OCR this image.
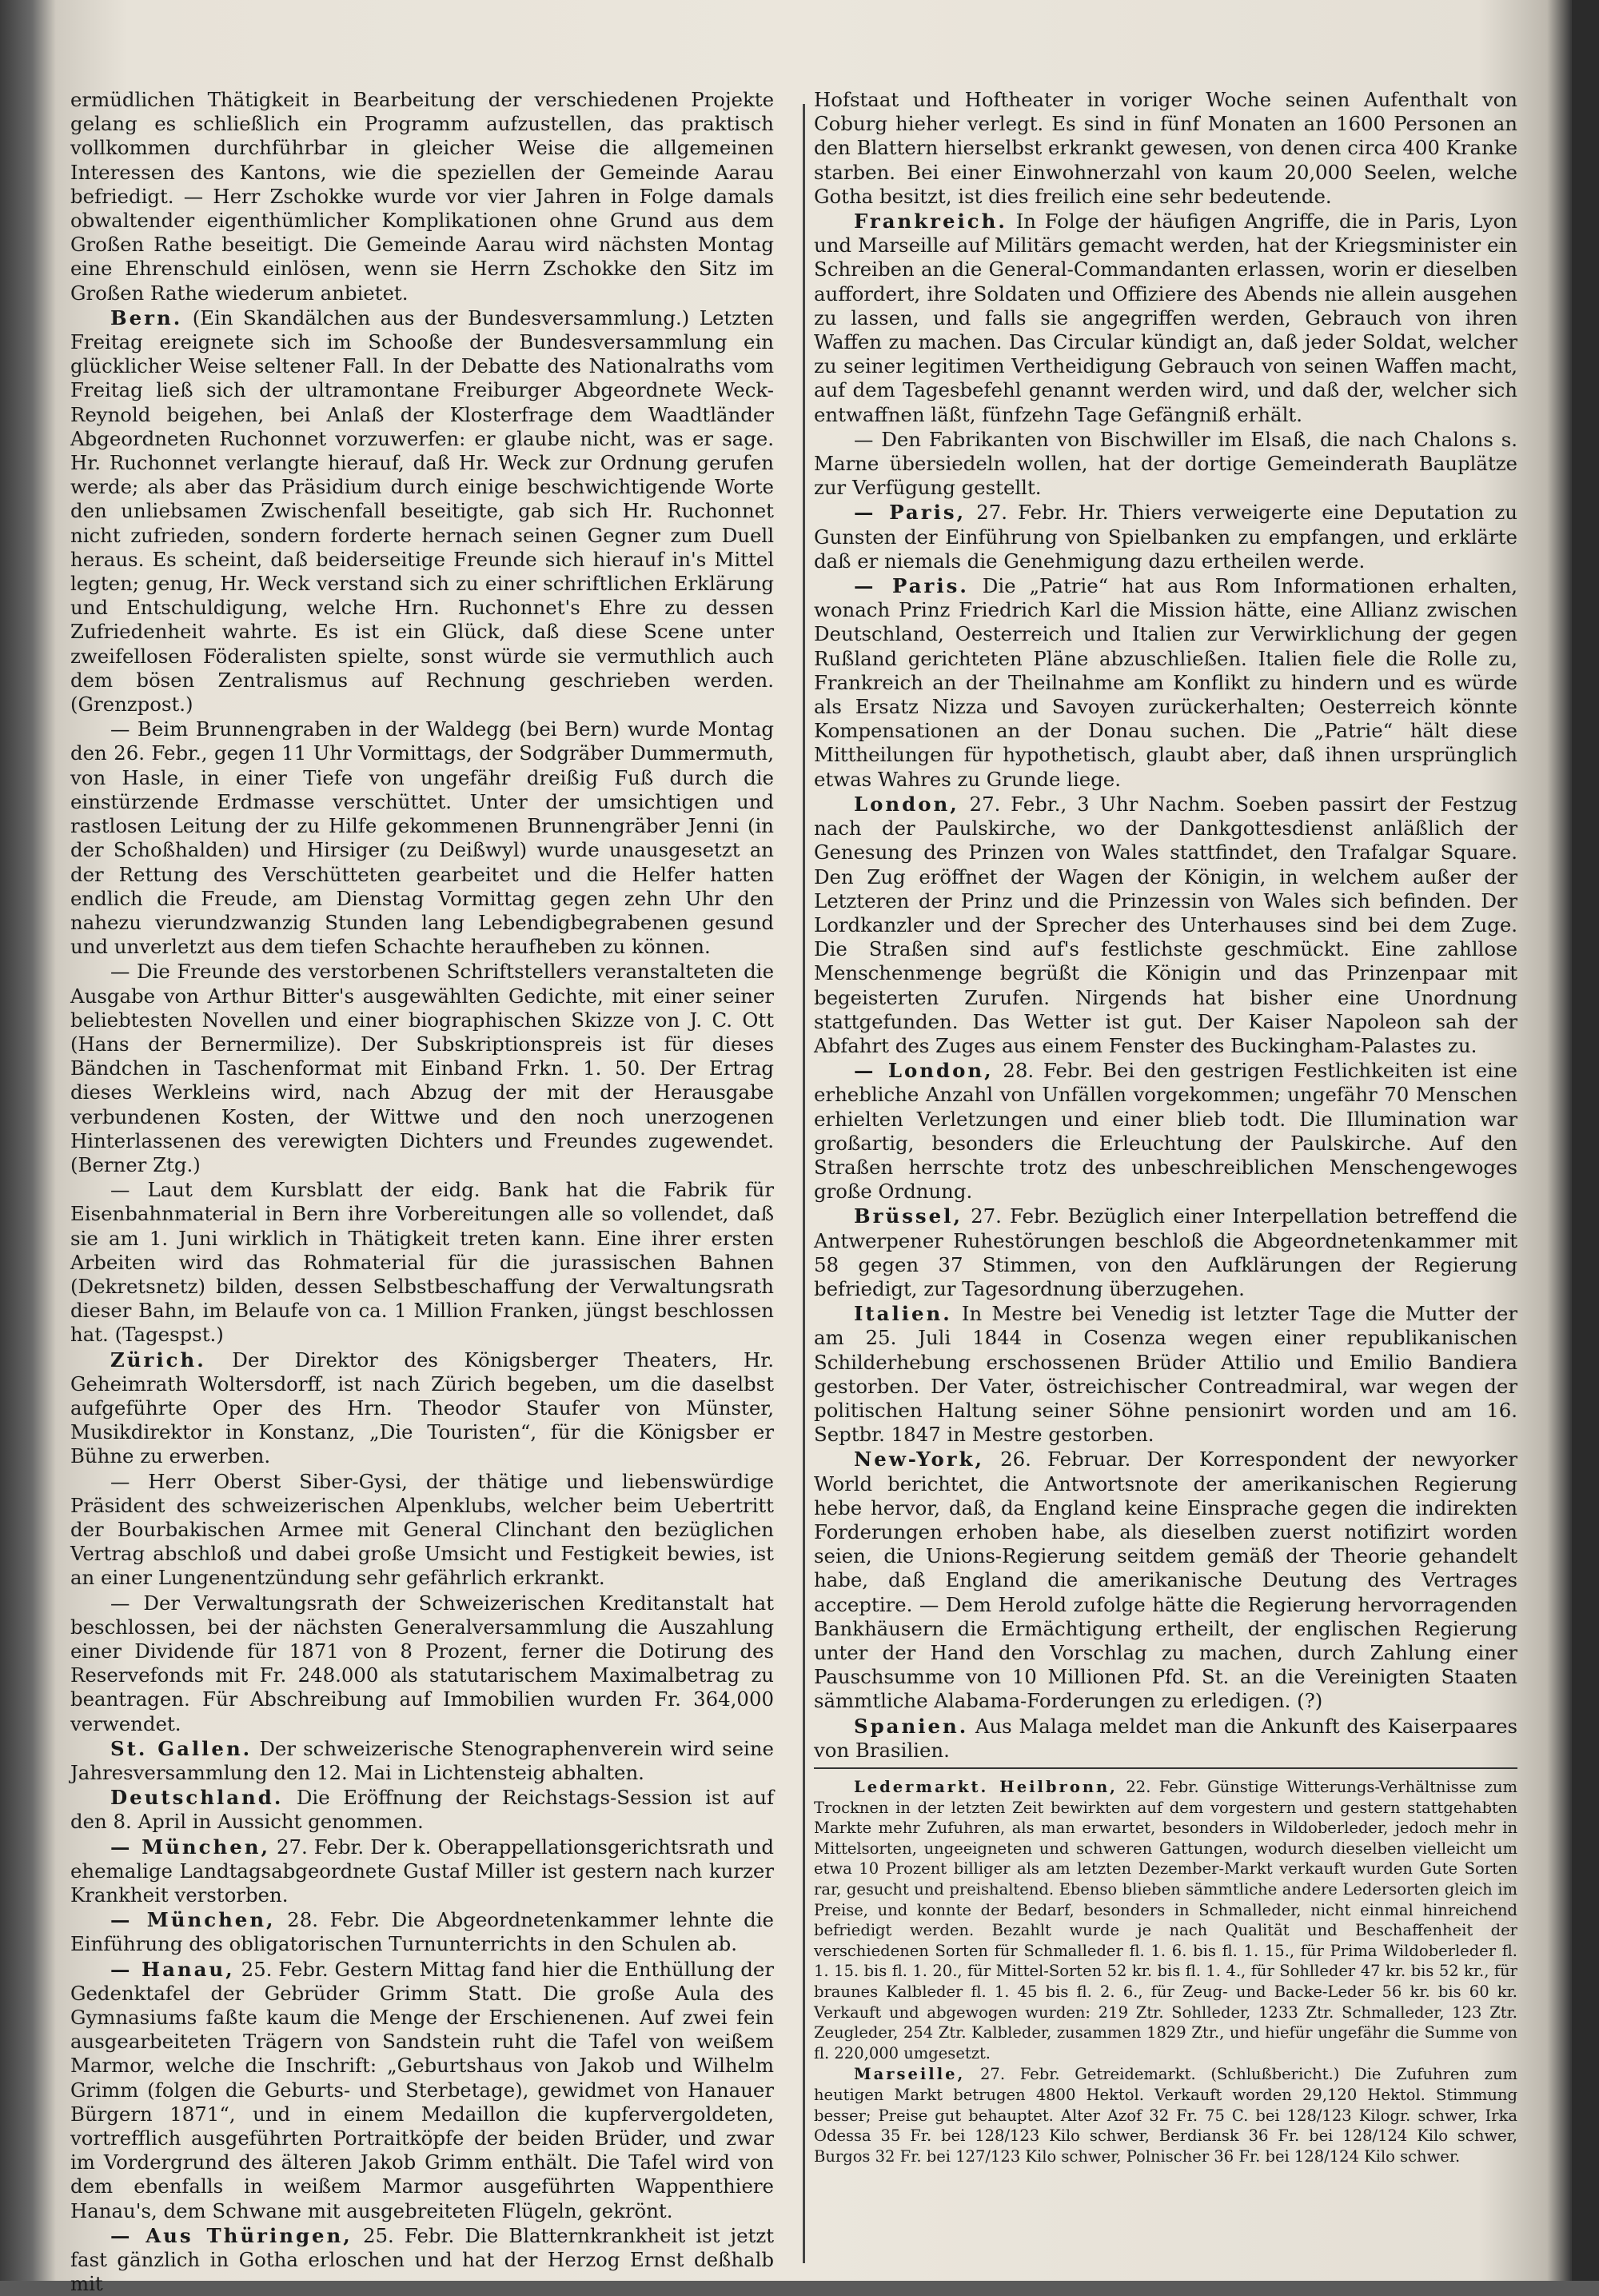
ermüdlichen Thätigkeit in Bearbeitung der verschiedenen Projekte gelang es schließlich ein Programm aufzustellen, das praktisch vollkommen durchführbar in gleicher Weise die allgemeinen Interessen des Kantons, wie die speziellen der Gemeinde Aarau befriedigt. — Herr Zschokke wurde vor vier Jahren in Folge damals obwaltender eigenthümlicher Komplikationen ohne Grund aus dem Großen Rathe beseitigt. Die Gemeinde Aarau wird nächsten Montag eine Ehrenschuld einlösen, wenn sie Herrn Zschokke den Sitz im Großen Rathe wiederum anbietet.

Bern. (Ein Skandälchen aus der Bundesversammlung.) Letzten Freitag ereignete sich im Schooße der Bundesversammlung ein glücklicher Weise seltener Fall. In der Debatte des Nationalraths vom Freitag ließ sich der ultramontane Freiburger Abgeordnete Weck-Reynold beigehen, bei Anlaß der Klosterfrage dem Waadtländer Abgeordneten Ruchonnet vorzuwerfen: er glaube nicht, was er sage. Hr. Ruchonnet verlangte hierauf, daß Hr. Weck zur Ordnung gerufen werde; als aber das Präsidium durch einige beschwichtigende Worte den unliebsamen Zwischenfall beseitigte, gab sich Hr. Ruchonnet nicht zufrieden, sondern forderte hernach seinen Gegner zum Duell heraus. Es scheint, daß beiderseitige Freunde sich hierauf in's Mittel legten; genug, Hr. Weck verstand sich zu einer schriftlichen Erklärung und Entschuldigung, welche Hrn. Ruchonnet's Ehre zu dessen Zufriedenheit wahrte. Es ist ein Glück, daß diese Scene unter zweifellosen Föderalisten spielte, sonst würde sie vermuthlich auch dem bösen Zentralismus auf Rechnung geschrieben werden. (Grenzpost.)

— Beim Brunnengraben in der Waldegg (bei Bern) wurde Montag den 26. Febr., gegen 11 Uhr Vormittags, der Sodgräber Dummermuth, von Hasle, in einer Tiefe von ungefähr dreißig Fuß durch die einstürzende Erdmasse verschüttet. Unter der umsichtigen und rastlosen Leitung der zu Hilfe gekommenen Brunnengräber Jenni (in der Schoßhalden) und Hirsiger (zu Deißwyl) wurde unausgesetzt an der Rettung des Verschütteten gearbeitet und die Helfer hatten endlich die Freude, am Dienstag Vormittag gegen zehn Uhr den nahezu vierundzwanzig Stunden lang Lebendigbegrabenen gesund und unverletzt aus dem tiefen Schachte heraufheben zu können.

— Die Freunde des verstorbenen Schriftstellers veranstalteten die Ausgabe von Arthur Bitter's ausgewählten Gedichte, mit einer seiner beliebtesten Novellen und einer biographischen Skizze von J. C. Ott (Hans der Bernermilize). Der Subskriptionspreis ist für dieses Bändchen in Taschenformat mit Einband Frkn. 1. 50. Der Ertrag dieses Werkleins wird, nach Abzug der mit der Herausgabe verbundenen Kosten, der Wittwe und den noch unerzogenen Hinterlassenen des verewigten Dichters und Freundes zugewendet. (Berner Ztg.)

— Laut dem Kursblatt der eidg. Bank hat die Fabrik für Eisenbahnmaterial in Bern ihre Vorbereitungen alle so vollendet, daß sie am 1. Juni wirklich in Thätigkeit treten kann. Eine ihrer ersten Arbeiten wird das Rohmaterial für die jurassischen Bahnen (Dekretsnetz) bilden, dessen Selbstbeschaffung der Verwaltungsrath dieser Bahn, im Belaufe von ca. 1 Million Franken, jüngst beschlossen hat. (Tagespst.)

Zürich. Der Direktor des Königsberger Theaters, Hr. Geheimrath Woltersdorff, ist nach Zürich begeben, um die daselbst aufgeführte Oper des Hrn. Theodor Staufer von Münster, Musikdirektor in Konstanz, „Die Touristen“, für die Königsber er Bühne zu erwerben.

— Herr Oberst Siber-Gysi, der thätige und liebenswürdige Präsident des schweizerischen Alpenklubs, welcher beim Uebertritt der Bourbakischen Armee mit General Clinchant den bezüglichen Vertrag abschloß und dabei große Umsicht und Festigkeit bewies, ist an einer Lungenentzündung sehr gefährlich erkrankt.

— Der Verwaltungsrath der Schweizerischen Kreditanstalt hat beschlossen, bei der nächsten Generalversammlung die Auszahlung einer Dividende für 1871 von 8 Prozent, ferner die Dotirung des Reservefonds mit Fr. 248.000 als statutarischem Maximalbetrag zu beantragen. Für Abschreibung auf Immobilien wurden Fr. 364,000 verwendet.

St. Gallen. Der schweizerische Stenographenverein wird seine Jahresversammlung den 12. Mai in Lichtensteig abhalten.

Deutschland. Die Eröffnung der Reichstags-Session ist auf den 8. April in Aussicht genommen.

— München, 27. Febr. Der k. Oberappellationsgerichtsrath und ehemalige Landtagsabgeordnete Gustaf Miller ist gestern nach kurzer Krankheit verstorben.

— München, 28. Febr. Die Abgeordnetenkammer lehnte die Einführung des obligatorischen Turnunterrichts in den Schulen ab.

— Hanau, 25. Febr. Gestern Mittag fand hier die Enthüllung der Gedenktafel der Gebrüder Grimm Statt. Die große Aula des Gymnasiums faßte kaum die Menge der Erschienenen. Auf zwei fein ausgearbeiteten Trägern von Sandstein ruht die Tafel von weißem Marmor, welche die Inschrift: „Geburtshaus von Jakob und Wilhelm Grimm (folgen die Geburts- und Sterbetage), gewidmet von Hanauer Bürgern 1871“, und in einem Medaillon die kupfervergoldeten, vortrefflich ausgeführten Portraitköpfe der beiden Brüder, und zwar im Vordergrund des älteren Jakob Grimm enthält. Die Tafel wird von dem ebenfalls in weißem Marmor ausgeführten Wappenthiere Hanau's, dem Schwane mit ausgebreiteten Flügeln, gekrönt.

— Aus Thüringen, 25. Febr. Die Blatternkrankheit ist jetzt fast gänzlich in Gotha erloschen und hat der Herzog Ernst deßhalb mit

Hofstaat und Hoftheater in voriger Woche seinen Aufenthalt von Coburg hieher verlegt. Es sind in fünf Monaten an 1600 Personen an den Blattern hierselbst erkrankt gewesen, von denen circa 400 Kranke starben. Bei einer Einwohnerzahl von kaum 20,000 Seelen, welche Gotha besitzt, ist dies freilich eine sehr bedeutende.

Frankreich. In Folge der häufigen Angriffe, die in Paris, Lyon und Marseille auf Militärs gemacht werden, hat der Kriegsminister ein Schreiben an die General-Commandanten erlassen, worin er dieselben auffordert, ihre Soldaten und Offiziere des Abends nie allein ausgehen zu lassen, und falls sie angegriffen werden, Gebrauch von ihren Waffen zu machen. Das Circular kündigt an, daß jeder Soldat, welcher zu seiner legitimen Vertheidigung Gebrauch von seinen Waffen macht, auf dem Tagesbefehl genannt werden wird, und daß der, welcher sich entwaffnen läßt, fünfzehn Tage Gefängniß erhält.

— Den Fabrikanten von Bischwiller im Elsaß, die nach Chalons s. Marne übersiedeln wollen, hat der dortige Gemeinderath Bauplätze zur Verfügung gestellt.

— Paris, 27. Febr. Hr. Thiers verweigerte eine Deputation zu Gunsten der Einführung von Spielbanken zu empfangen, und erklärte daß er niemals die Genehmigung dazu ertheilen werde.

— Paris. Die „Patrie“ hat aus Rom Informationen erhalten, wonach Prinz Friedrich Karl die Mission hätte, eine Allianz zwischen Deutschland, Oesterreich und Italien zur Verwirklichung der gegen Rußland gerichteten Pläne abzuschließen. Italien fiele die Rolle zu, Frankreich an der Theilnahme am Konflikt zu hindern und es würde als Ersatz Nizza und Savoyen zurückerhalten; Oesterreich könnte Kompensationen an der Donau suchen. Die „Patrie“ hält diese Mittheilungen für hypothetisch, glaubt aber, daß ihnen ursprünglich etwas Wahres zu Grunde liege.

London, 27. Febr., 3 Uhr Nachm. Soeben passirt der Festzug nach der Paulskirche, wo der Dankgottesdienst anläßlich der Genesung des Prinzen von Wales stattfindet, den Trafalgar Square. Den Zug eröffnet der Wagen der Königin, in welchem außer der Letzteren der Prinz und die Prinzessin von Wales sich befinden. Der Lordkanzler und der Sprecher des Unterhauses sind bei dem Zuge. Die Straßen sind auf's festlichste geschmückt. Eine zahllose Menschenmenge begrüßt die Königin und das Prinzenpaar mit begeisterten Zurufen. Nirgends hat bisher eine Unordnung stattgefunden. Das Wetter ist gut. Der Kaiser Napoleon sah der Abfahrt des Zuges aus einem Fenster des Buckingham-Palastes zu.

— London, 28. Febr. Bei den gestrigen Festlichkeiten ist eine erhebliche Anzahl von Unfällen vorgekommen; ungefähr 70 Menschen erhielten Verletzungen und einer blieb todt. Die Illumination war großartig, besonders die Erleuchtung der Paulskirche. Auf den Straßen herrschte trotz des unbeschreiblichen Menschengewoges große Ordnung.

Brüssel, 27. Febr. Bezüglich einer Interpellation betreffend die Antwerpener Ruhestörungen beschloß die Abgeordnetenkammer mit 58 gegen 37 Stimmen, von den Aufklärungen der Regierung befriedigt, zur Tagesordnung überzugehen.

Italien. In Mestre bei Venedig ist letzter Tage die Mutter der am 25. Juli 1844 in Cosenza wegen einer republikanischen Schilderhebung erschossenen Brüder Attilio und Emilio Bandiera gestorben. Der Vater, östreichischer Contreadmiral, war wegen der politischen Haltung seiner Söhne pensionirt worden und am 16. Septbr. 1847 in Mestre gestorben.

New-York, 26. Februar. Der Korrespondent der newyorker World berichtet, die Antwortsnote der amerikanischen Regierung hebe hervor, daß, da England keine Einsprache gegen die indirekten Forderungen erhoben habe, als dieselben zuerst notifizirt worden seien, die Unions-Regierung seitdem gemäß der Theorie gehandelt habe, daß England die amerikanische Deutung des Vertrages acceptire. — Dem Herold zufolge hätte die Regierung hervorragenden Bankhäusern die Ermächtigung ertheilt, der englischen Regierung unter der Hand den Vorschlag zu machen, durch Zahlung einer Pauschsumme von 10 Millionen Pfd. St. an die Vereinigten Staaten sämmtliche Alabama-Forderungen zu erledigen. (?)

Spanien. Aus Malaga meldet man die Ankunft des Kaiserpaares von Brasilien.

Ledermarkt. Heilbronn, 22. Febr. Günstige Witterungs-Verhältnisse zum Trocknen in der letzten Zeit bewirkten auf dem vorgestern und gestern stattgehabten Markte mehr Zufuhren, als man erwartet, besonders in Wildoberleder, jedoch mehr in Mittelsorten, ungeeigneten und schweren Gattungen, wodurch dieselben vielleicht um etwa 10 Prozent billiger als am letzten Dezember-Markt verkauft wurden Gute Sorten rar, gesucht und preishaltend. Ebenso blieben sämmtliche andere Ledersorten gleich im Preise, und konnte der Bedarf, besonders in Schmalleder, nicht einmal hinreichend befriedigt werden. Bezahlt wurde je nach Qualität und Beschaffenheit der verschiedenen Sorten für Schmalleder fl. 1. 6. bis fl. 1. 15., für Prima Wildoberleder fl. 1. 15. bis fl. 1. 20., für Mittel-Sorten 52 kr. bis fl. 1. 4., für Sohlleder 47 kr. bis 52 kr., für braunes Kalbleder fl. 1. 45 bis fl. 2. 6., für Zeug- und Backe-Leder 56 kr. bis 60 kr. Verkauft und abgewogen wurden: 219 Ztr. Sohlleder, 1233 Ztr. Schmalleder, 123 Ztr. Zeugleder, 254 Ztr. Kalbleder, zusammen 1829 Ztr., und hiefür ungefähr die Summe von fl. 220,000 umgesetzt.

Marseille, 27. Febr. Getreidemarkt. (Schlußbericht.) Die Zufuhren zum heutigen Markt betrugen 4800 Hektol. Verkauft worden 29,120 Hektol. Stimmung besser; Preise gut behauptet. Alter Azof 32 Fr. 75 C. bei 128/123 Kilogr. schwer, Irka Odessa 35 Fr. bei 128/123 Kilo schwer, Berdiansk 36 Fr. bei 128/124 Kilo schwer, Burgos 32 Fr. bei 127/123 Kilo schwer, Polnischer 36 Fr. bei 128/124 Kilo schwer.
